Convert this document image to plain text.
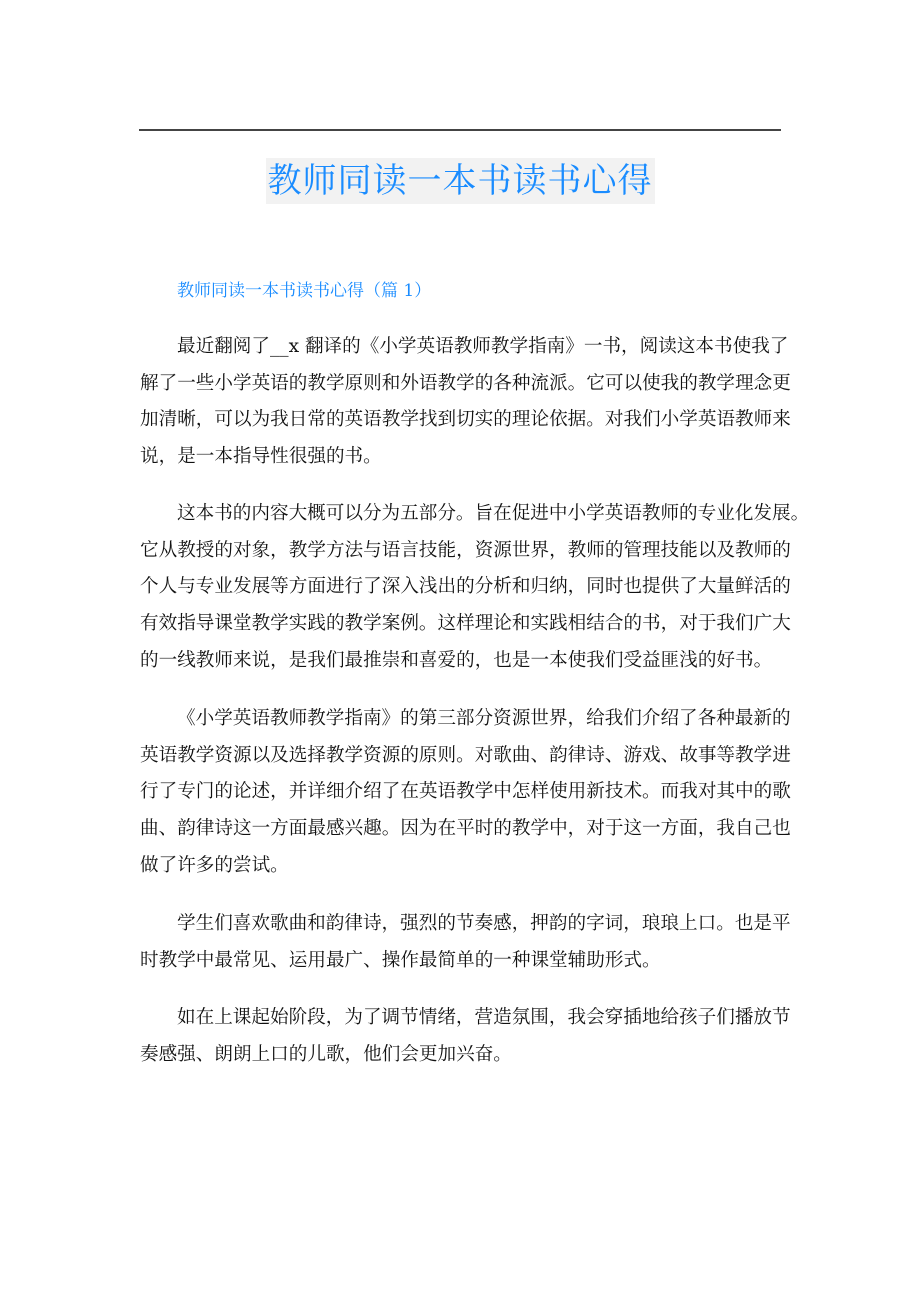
教师同读一本书读书心得
教师同读一本书读书心得（篇 1）
最近翻阅了__x 翻译的《小学英语教师教学指南》一书，阅读这本书使我了
解了一些小学英语的教学原则和外语教学的各种流派。它可以使我的教学理念更
加清晰，可以为我日常的英语教学找到切实的理论依据。对我们小学英语教师来
说，是一本指导性很强的书。
这本书的内容大概可以分为五部分。旨在促进中小学英语教师的专业化发展。
它从教授的对象，教学方法与语言技能，资源世界，教师的管理技能以及教师的
个人与专业发展等方面进行了深入浅出的分析和归纳，同时也提供了大量鲜活的
有效指导课堂教学实践的教学案例。这样理论和实践相结合的书，对于我们广大
的一线教师来说，是我们最推崇和喜爱的，也是一本使我们受益匪浅的好书。
《小学英语教师教学指南》的第三部分资源世界，给我们介绍了各种最新的
英语教学资源以及选择教学资源的原则。对歌曲、韵律诗、游戏、故事等教学进
行了专门的论述，并详细介绍了在英语教学中怎样使用新技术。而我对其中的歌
曲、韵律诗这一方面最感兴趣。因为在平时的教学中，对于这一方面，我自己也
做了许多的尝试。
学生们喜欢歌曲和韵律诗，强烈的节奏感，押韵的字词，琅琅上口。也是平
时教学中最常见、运用最广、操作最简单的一种课堂辅助形式。
如在上课起始阶段，为了调节情绪，营造氛围，我会穿插地给孩子们播放节
奏感强、朗朗上口的儿歌，他们会更加兴奋。
